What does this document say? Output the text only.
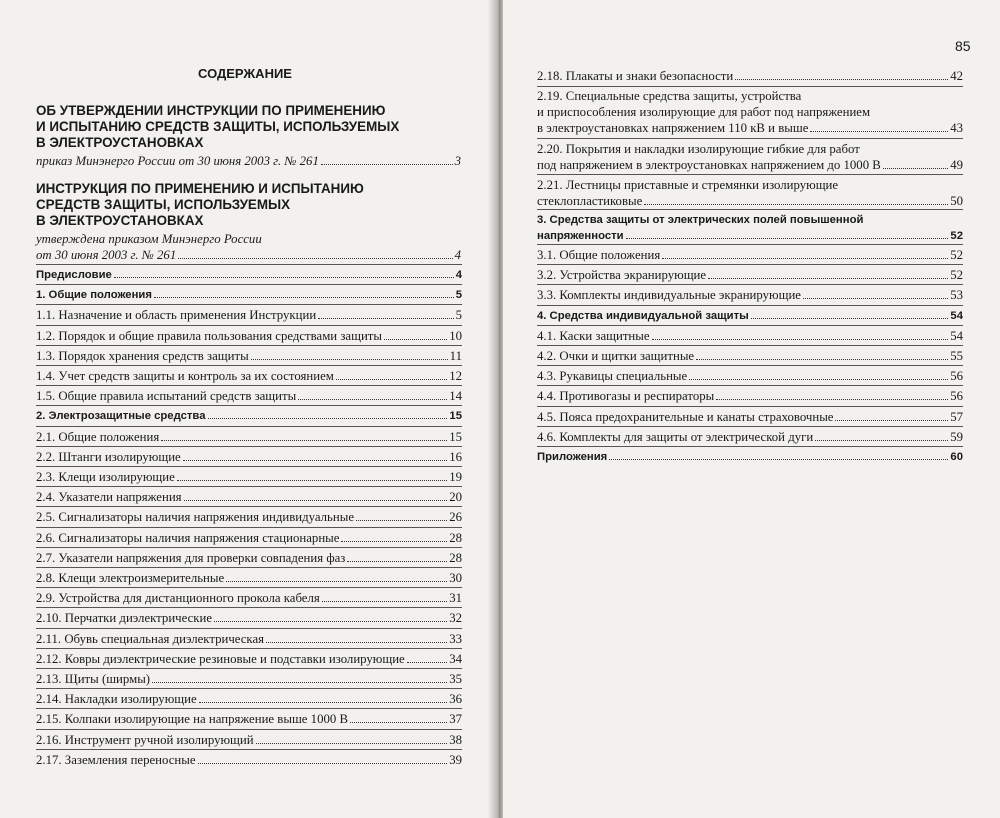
СОДЕРЖАНИЕ
ОБ УТВЕРЖДЕНИИ ИНСТРУКЦИИ ПО ПРИМЕНЕНИЮ
И ИСПЫТАНИЮ СРЕДСТВ ЗАЩИТЫ, ИСПОЛЬЗУЕМЫХ
В ЭЛЕКТРОУСТАНОВКАХ
приказ Минэнерго России от 30 июня 2003 г. № 261	3
ИНСТРУКЦИЯ ПО ПРИМЕНЕНИЮ И ИСПЫТАНИЮ
СРЕДСТВ ЗАЩИТЫ, ИСПОЛЬЗУЕМЫХ
В ЭЛЕКТРОУСТАНОВКАХ
утверждена приказом Минэнерго России
от 30 июня 2003 г. № 261	4
Предисловие	4
1. Общие положения	5
1.1. Назначение и область применения Инструкции	5
1.2. Порядок и общие правила пользования средствами защиты	10
1.3. Порядок хранения средств защиты	11
1.4. Учет средств защиты и контроль за их состоянием	12
1.5. Общие правила испытаний средств защиты	14
2. Электрозащитные средства	15
2.1. Общие положения	15
2.2. Штанги изолирующие	16
2.3. Клещи изолирующие	19
2.4. Указатели напряжения	20
2.5. Сигнализаторы наличия напряжения индивидуальные	26
2.6. Сигнализаторы наличия напряжения стационарные	28
2.7. Указатели напряжения для проверки совпадения фаз	28
2.8. Клещи электроизмерительные	30
2.9. Устройства для дистанционного прокола кабеля	31
2.10. Перчатки диэлектрические	32
2.11. Обувь специальная диэлектрическая	33
2.12. Ковры диэлектрические резиновые и подставки изолирующие	34
2.13. Щиты (ширмы)	35
2.14. Накладки изолирующие	36
2.15. Колпаки изолирующие на напряжение выше 1000 В	37
2.16. Инструмент ручной изолирующий	38
2.17. Заземления переносные	39
85
2.18. Плакаты и знаки безопасности	42
2.19. Специальные средства защиты, устройства
и приспособления изолирующие для работ под напряжением
в электроустановках напряжением 110 кВ и выше	43
2.20. Покрытия и накладки изолирующие гибкие для работ
под напряжением в электроустановках напряжением до 1000 В	49
2.21. Лестницы приставные и стремянки изолирующие
стеклопластиковые	50
3. Средства защиты от электрических полей повышенной
напряженности	52
3.1. Общие положения	52
3.2. Устройства экранирующие	52
3.3. Комплекты индивидуальные экранирующие	53
4. Средства индивидуальной защиты	54
4.1. Каски защитные	54
4.2. Очки и щитки защитные	55
4.3. Рукавицы специальные	56
4.4. Противогазы и респираторы	56
4.5. Пояса предохранительные и канаты страховочные	57
4.6. Комплекты для защиты от электрической дуги	59
Приложения	60
